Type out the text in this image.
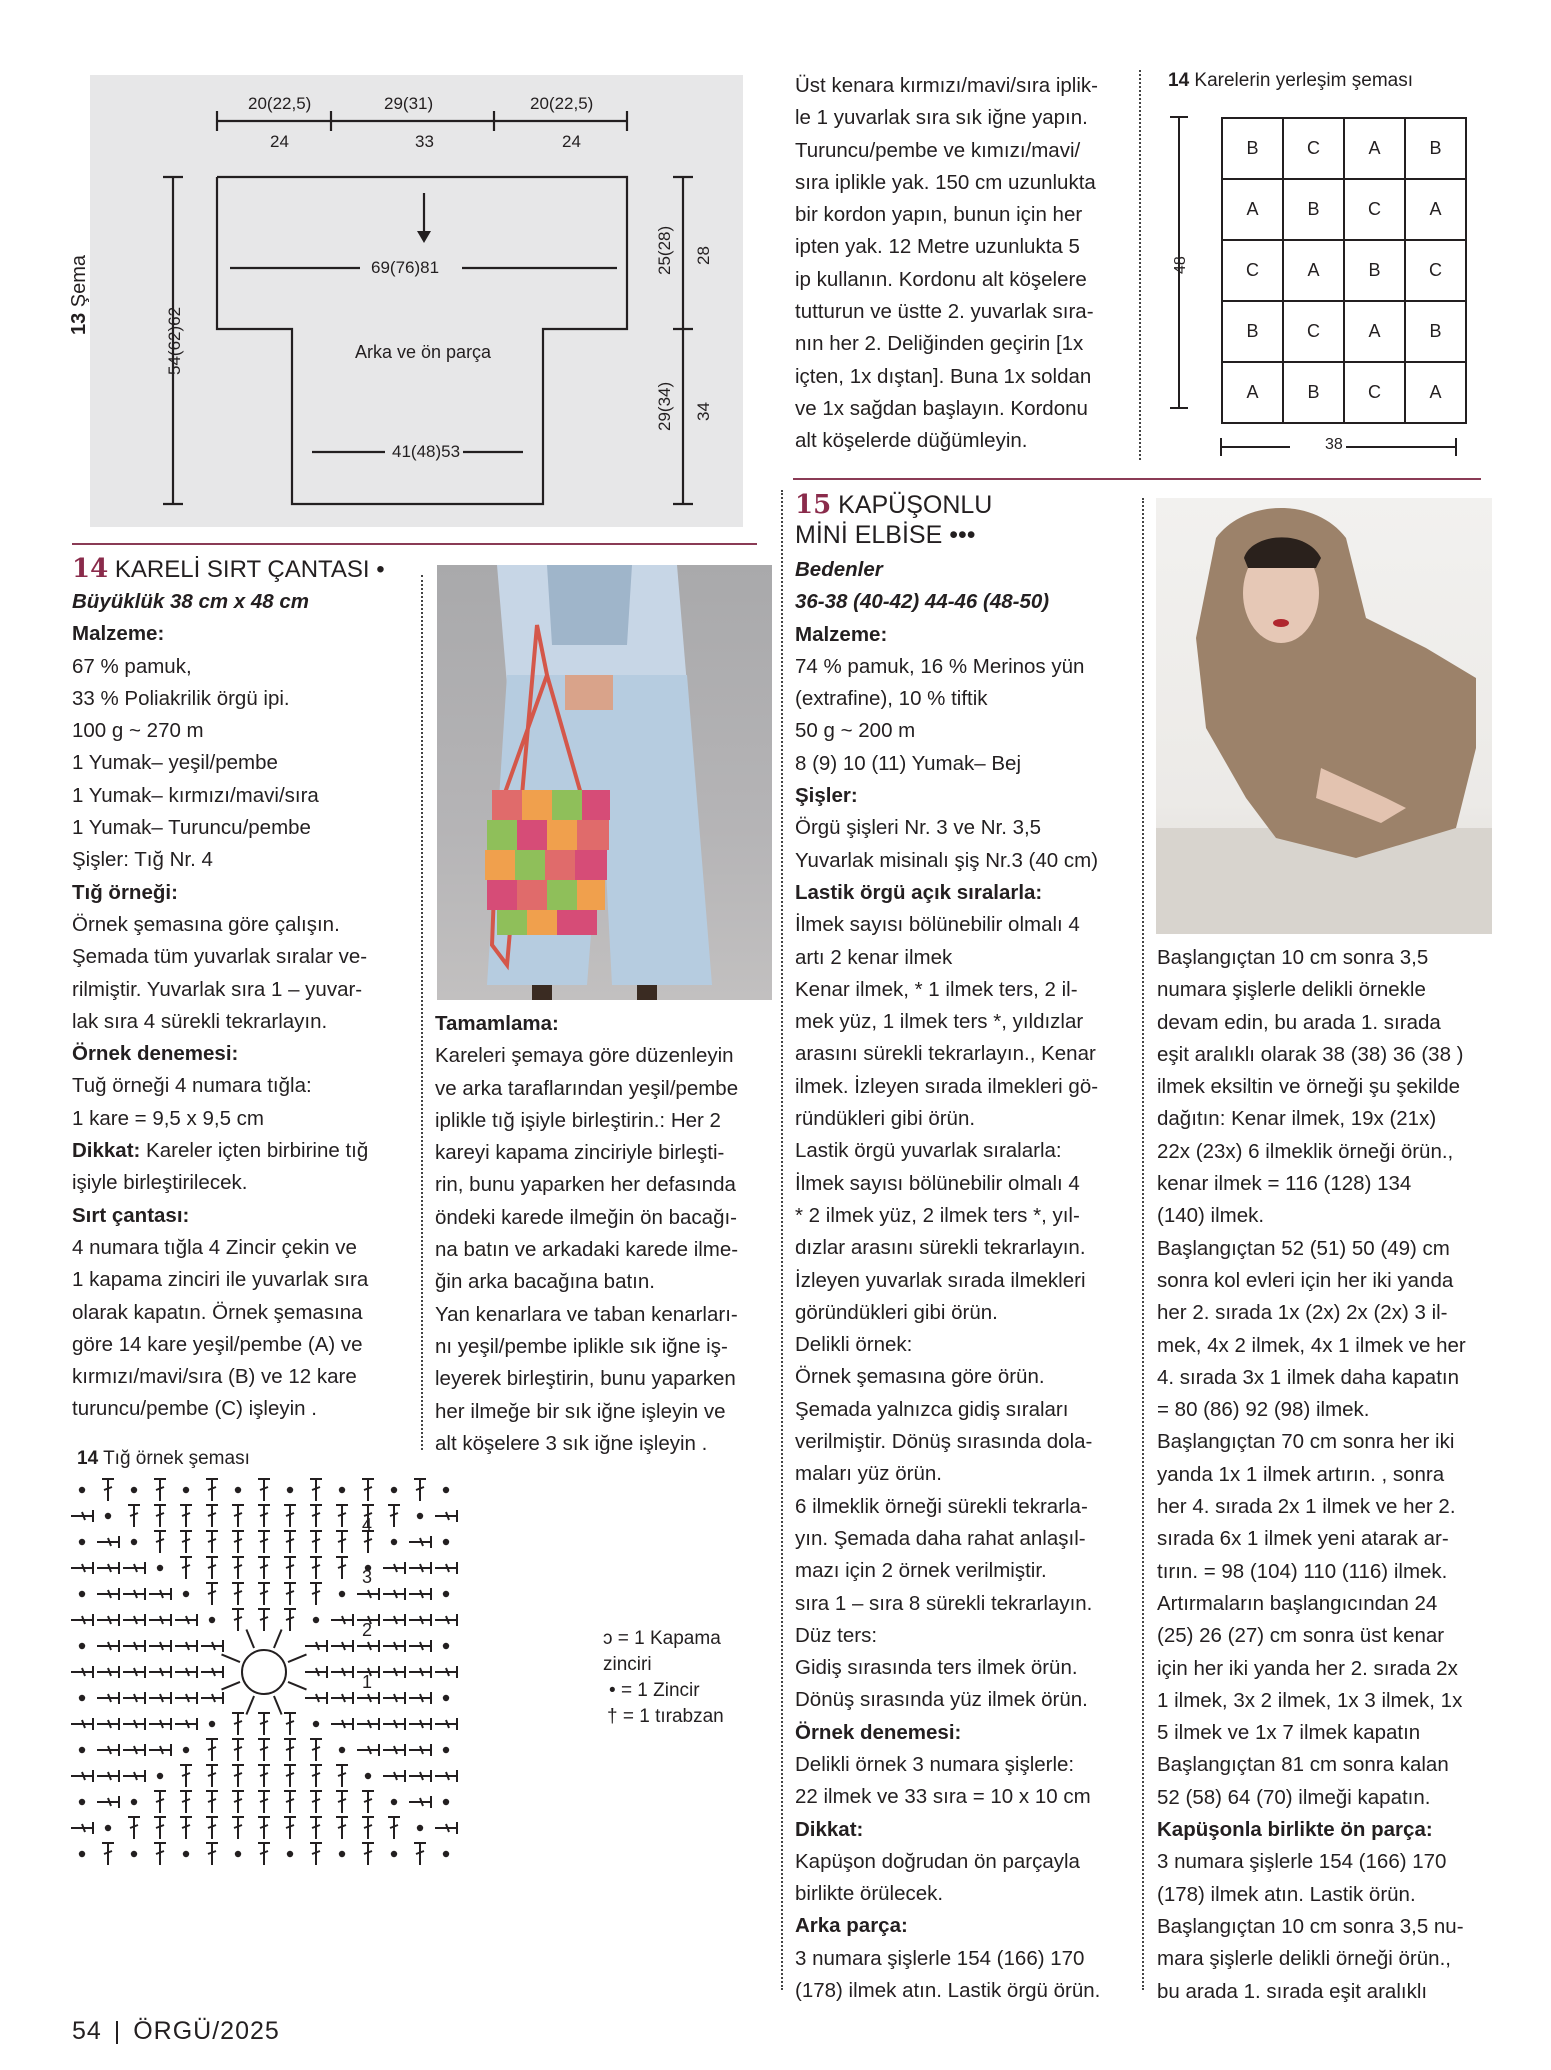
13 Şema
20(22,5)	29(31)	20(22,5)
24	33	24
69(76)81
Arka ve ön parça
41(48)53
54(62)62
25(28) 28
29(34) 34

Üst kenara kırmızı/mavi/sıra iplik-

le 1 yuvarlak sıra sık iğne yapın.

Turuncu/pembe ve kımızı/mavi/

sıra iplikle yak. 150 cm uzunlukta

bir kordon yapın, bunun için her

ipten yak. 12 Metre uzunlukta 5

ip kullanın. Kordonu alt köşelere

tutturun ve üstte 2. yuvarlak sıra-

nın her 2. Deliğinden geçirin [1x

içten, 1x dıştan]. Buna 1x soldan

ve 1x sağdan başlayın. Kordonu

alt köşelerde düğümleyin.

14 Karelerin yerleşim şeması
B	C	A	B
A	B	C	A
C	A	B	C
B	C	A	B
A	B	C	A
48
38
14 KARELİ SIRT ÇANTASI •

Büyüklük 38 cm x 48 cm

Malzeme:

67 % pamuk,

33 % Poliakrilik örgü ipi.

100 g ~ 270 m

1 Yumak– yeşil/pembe

1 Yumak– kırmızı/mavi/sıra

1 Yumak– Turuncu/pembe

Şişler: Tığ Nr. 4

Tığ örneği:

Örnek şemasına göre çalışın.

Şemada tüm yuvarlak sıralar ve-

rilmiştir. Yuvarlak sıra 1 – yuvar-

lak sıra 4 sürekli tekrarlayın.

Örnek denemesi:

Tuğ örneği 4 numara tığla:

1 kare = 9,5 x 9,5 cm

Dikkat: Kareler içten birbirine tığ

işiyle birleştirilecek.

Sırt çantası:

4 numara tığla 4 Zincir çekin ve

1 kapama zinciri ile yuvarlak sıra

olarak kapatın. Örnek şemasına

göre 14 kare yeşil/pembe (A) ve

kırmızı/mavi/sıra (B) ve 12 kare

turuncu/pembe (C) işleyin .

Tamamlama:

Kareleri şemaya göre düzenleyin

ve arka taraflarından yeşil/pembe

iplikle tığ işiyle birleştirin.: Her 2

kareyi kapama zinciriyle birleşti-

rin, bunu yaparken her defasında

öndeki karede ilmeğin ön bacağı-

na batın ve arkadaki karede ilme-

ğin arka bacağına batın.

Yan kenarlara ve taban kenarları-

nı yeşil/pembe iplikle sık iğne iş-

leyerek birleştirin, bunu yaparken

her ilmeğe bir sık iğne işleyin ve

alt köşelere 3 sık iğne işleyin .

14 Tığ örnek şeması
4
3
2
1
ↄ = 1 Kapama
zinciri
• = 1 Zincir
† = 1 tırabzan
15 KAPÜŞONLU
MİNİ ELBİSE •••

Bedenler

36-38 (40-42) 44-46 (48-50)

Malzeme:

74 % pamuk, 16 % Merinos yün

(extrafine), 10 % tiftik

50 g ~ 200 m

8 (9) 10 (11) Yumak– Bej

Şişler:

Örgü şişleri Nr. 3 ve Nr. 3,5

Yuvarlak misinalı şiş Nr.3 (40 cm)

Lastik örgü açık sıralarla:

İlmek sayısı bölünebilir olmalı 4

artı 2 kenar ilmek

Kenar ilmek, * 1 ilmek ters, 2 il-

mek yüz, 1 ilmek ters *, yıldızlar

arasını sürekli tekrarlayın., Kenar

ilmek. İzleyen sırada ilmekleri gö-

ründükleri gibi örün.

Lastik örgü yuvarlak sıralarla:

İlmek sayısı bölünebilir olmalı 4

* 2 ilmek yüz, 2 ilmek ters *, yıl-

dızlar arasını sürekli tekrarlayın.

İzleyen yuvarlak sırada ilmekleri

göründükleri gibi örün.

Delikli örnek:

Örnek şemasına göre örün.

Şemada yalnızca gidiş sıraları

verilmiştir. Dönüş sırasında dola-

maları yüz örün.

6 ilmeklik örneği sürekli tekrarla-

yın. Şemada daha rahat anlaşıl-

mazı için 2 örnek verilmiştir.

sıra 1 – sıra 8 sürekli tekrarlayın.

Düz ters:

Gidiş sırasında ters ilmek örün.

Dönüş sırasında yüz ilmek örün.

Örnek denemesi:

Delikli örnek 3 numara şişlerle:

22 ilmek ve 33 sıra = 10 x 10 cm

Dikkat:

Kapüşon doğrudan ön parçayla

birlikte örülecek.

Arka parça:

3 numara şişlerle 154 (166) 170

(178) ilmek atın. Lastik örgü örün.

Başlangıçtan 10 cm sonra 3,5

numara şişlerle delikli örnekle

devam edin, bu arada 1. sırada

eşit aralıklı olarak 38 (38) 36 (38 )

ilmek eksiltin ve örneği şu şekilde

dağıtın: Kenar ilmek, 19x (21x)

22x (23x) 6 ilmeklik örneği örün.,

kenar ilmek = 116 (128) 134

(140) ilmek.

Başlangıçtan 52 (51) 50 (49) cm

sonra kol evleri için her iki yanda

her 2. sırada 1x (2x) 2x (2x) 3 il-

mek, 4x 2 ilmek, 4x 1 ilmek ve her

4. sırada 3x 1 ilmek daha kapatın

= 80 (86) 92 (98) ilmek.

Başlangıçtan 70 cm sonra her iki

yanda 1x 1 ilmek artırın. , sonra

her 4. sırada 2x 1 ilmek ve her 2.

sırada 6x 1 ilmek yeni atarak ar-

tırın. = 98 (104) 110 (116) ilmek.

Artırmaların başlangıcından 24

(25) 26 (27) cm sonra üst kenar

için her iki yanda her 2. sırada 2x

1 ilmek, 3x 2 ilmek, 1x 3 ilmek, 1x

5 ilmek ve 1x 7 ilmek kapatın

Başlangıçtan 81 cm sonra kalan

52 (58) 64 (70) ilmeği kapatın.

Kapüşonla birlikte ön parça:

3 numara şişlerle 154 (166) 170

(178) ilmek atın. Lastik örün.

Başlangıçtan 10 cm sonra 3,5 nu-

mara şişlerle delikli örneği örün.,

bu arada 1. sırada eşit aralıklı

54 | ÖRGÜ/2025
